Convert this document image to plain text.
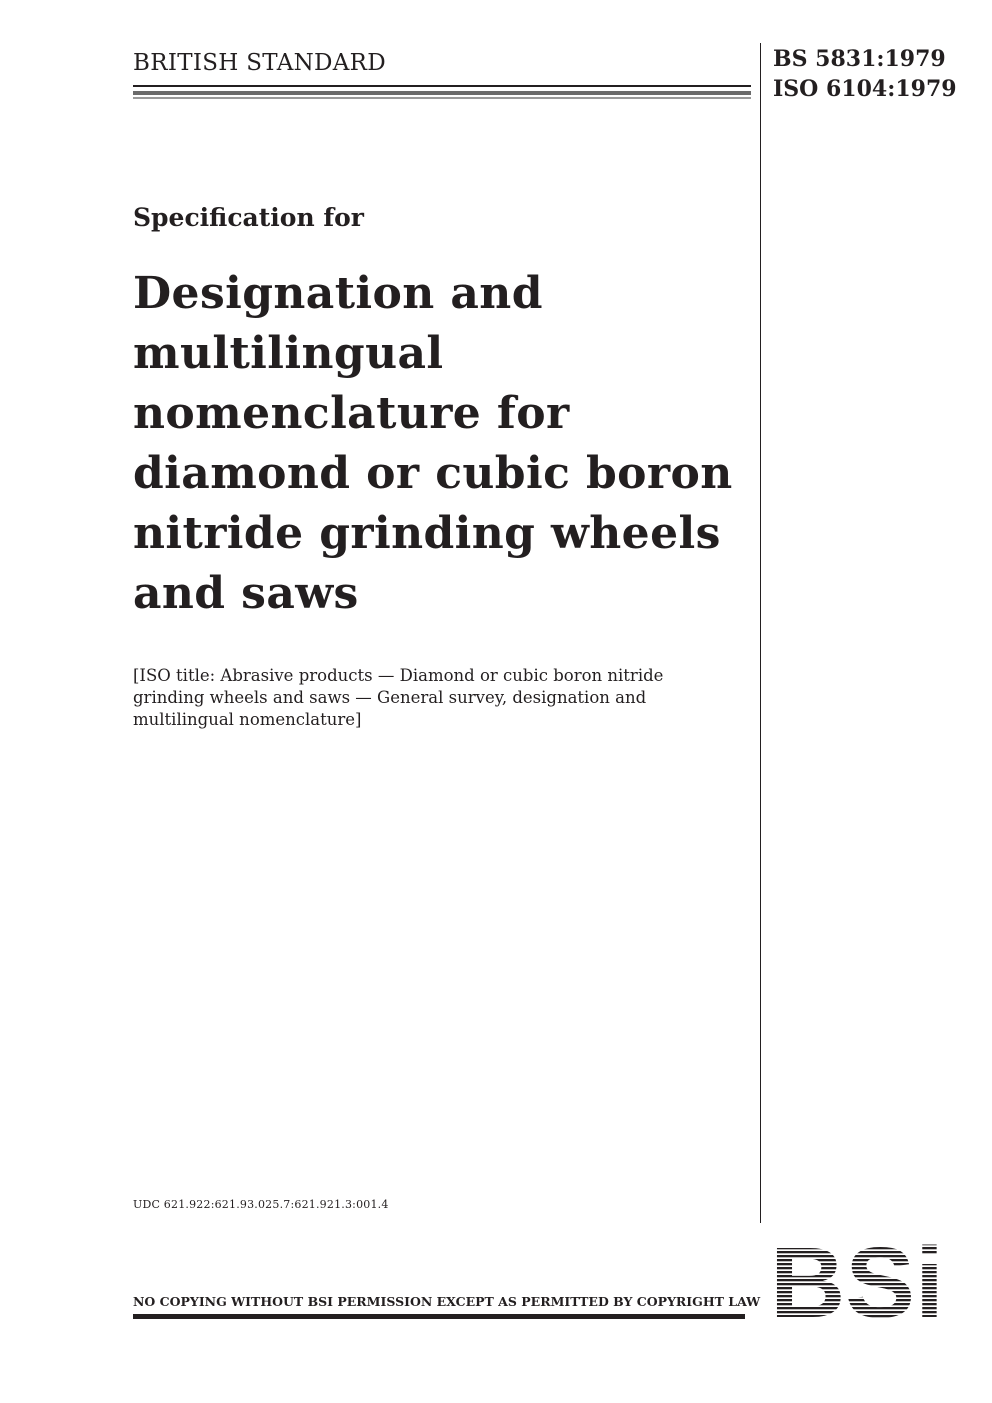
BRITISH STANDARD	BS 5831:1979
ISO 6104:1979
Specification for
Designation and
multilingual
nomenclature for
diamond or cubic boron
nitride grinding wheels
and saws
[ISO title: Abrasive products — Diamond or cubic boron nitride
grinding wheels and saws — General survey, designation and
multilingual nomenclature]
UDC 621.922:621.93.025.7:621.921.3:001.4
NO COPYING WITHOUT BSI PERMISSION EXCEPT AS PERMITTED BY COPYRIGHT LAW
